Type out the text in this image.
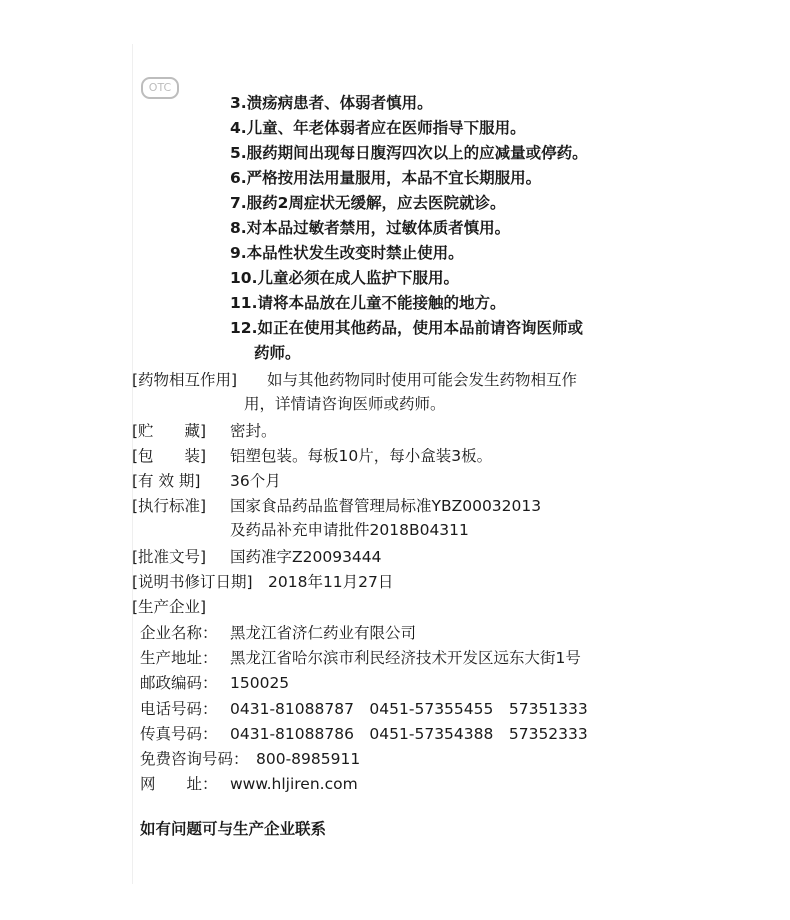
OTC
3.溃疡病患者、体弱者慎用。
4.儿童、年老体弱者应在医师指导下服用。
5.服药期间出现每日腹泻四次以上的应减量或停药。
6.严格按用法用量服用，本品不宜长期服用。
7.服药2周症状无缓解，应去医院就诊。
8.对本品过敏者禁用，过敏体质者慎用。
9.本品性状发生改变时禁止使用。
10.儿童必须在成人监护下服用。
11.请将本品放在儿童不能接触的地方。
12.如正在使用其他药品，使用本品前请咨询医师或
药师。
[药物相互作用] 如与其他药物同时使用可能会发生药物相互作
用，详情请咨询医师或药师。
[贮　　藏] 密封。
[包　　装] 铝塑包装。每板10片，每小盒装3板。
[有 效 期] 36个月
[执行标准] 国家食品药品监督管理局标准YBZ00032013
及药品补充申请批件2018B04311
[批准文号] 国药准字Z20093444
[说明书修订日期] 2018年11月27日
[生产企业]
企业名称： 黑龙江省济仁药业有限公司
生产地址： 黑龙江省哈尔滨市利民经济技术开发区远东大街1号
邮政编码： 150025
电话号码： 0431-81088787　0451-57355455　57351333
传真号码： 0431-81088786　0451-57354388　57352333
免费咨询号码： 800-8985911
网　　址： www.hljiren.com
如有问题可与生产企业联系
